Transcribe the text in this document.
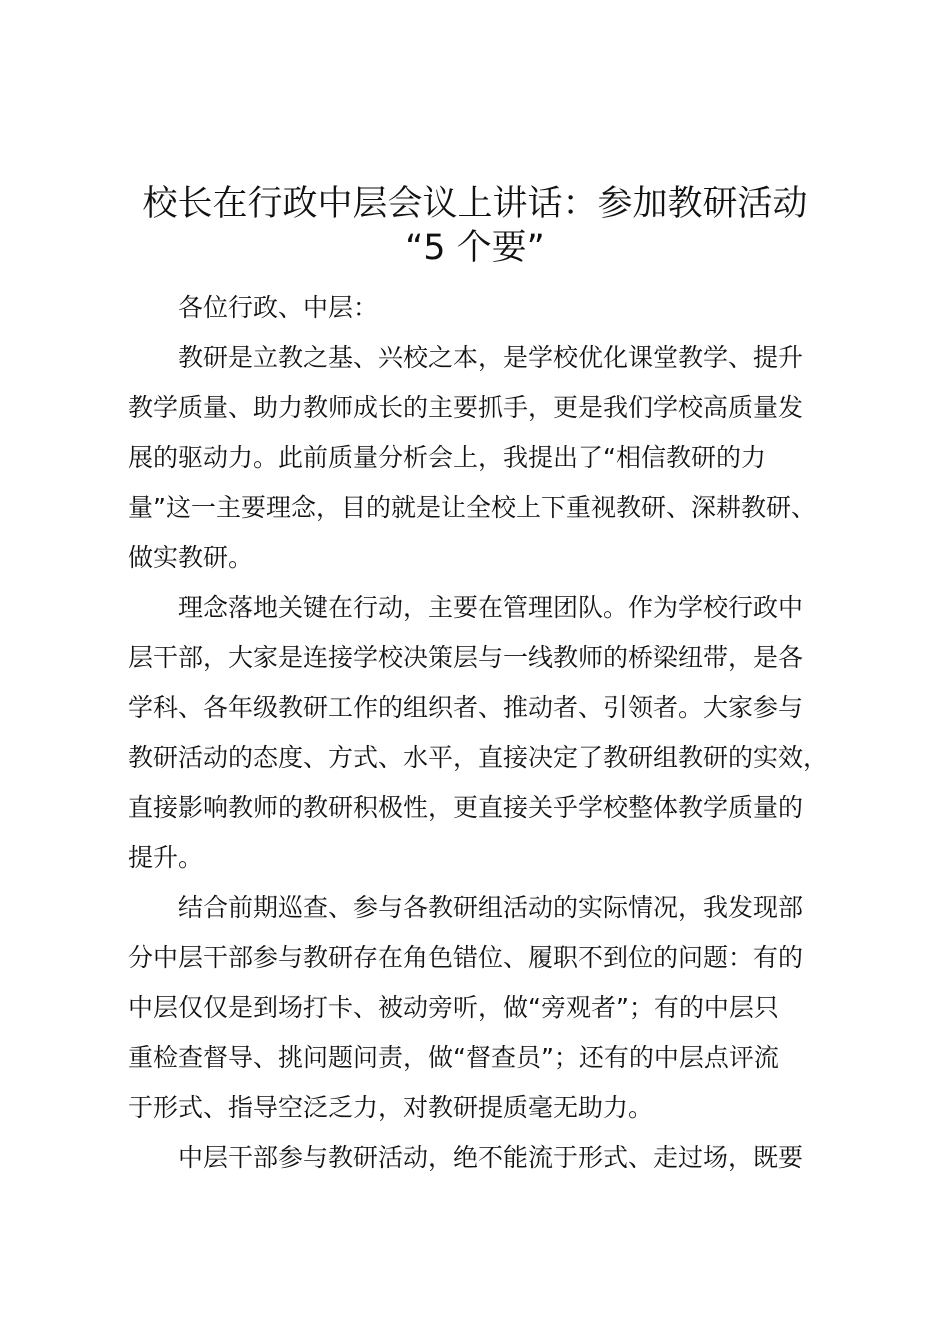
校长在行政中层会议上讲话：参加教研活动
“5 个要”
各位行政、中层：
教研是立教之基、兴校之本，是学校优化课堂教学、提升
教学质量、助力教师成长的主要抓手，更是我们学校高质量发
展的驱动力。此前质量分析会上，我提出了“相信教研的力
量”这一主要理念，目的就是让全校上下重视教研、深耕教研、
做实教研。
理念落地关键在行动，主要在管理团队。作为学校行政中
层干部，大家是连接学校决策层与一线教师的桥梁纽带，是各
学科、各年级教研工作的组织者、推动者、引领者。大家参与
教研活动的态度、方式、水平，直接决定了教研组教研的实效，
直接影响教师的教研积极性，更直接关乎学校整体教学质量的
提升。
结合前期巡查、参与各教研组活动的实际情况，我发现部
分中层干部参与教研存在角色错位、履职不到位的问题：有的
中层仅仅是到场打卡、被动旁听，做“旁观者”；有的中层只
重检查督导、挑问题问责，做“督查员”；还有的中层点评流
于形式、指导空泛乏力，对教研提质毫无助力。
中层干部参与教研活动，绝不能流于形式、走过场，既要
